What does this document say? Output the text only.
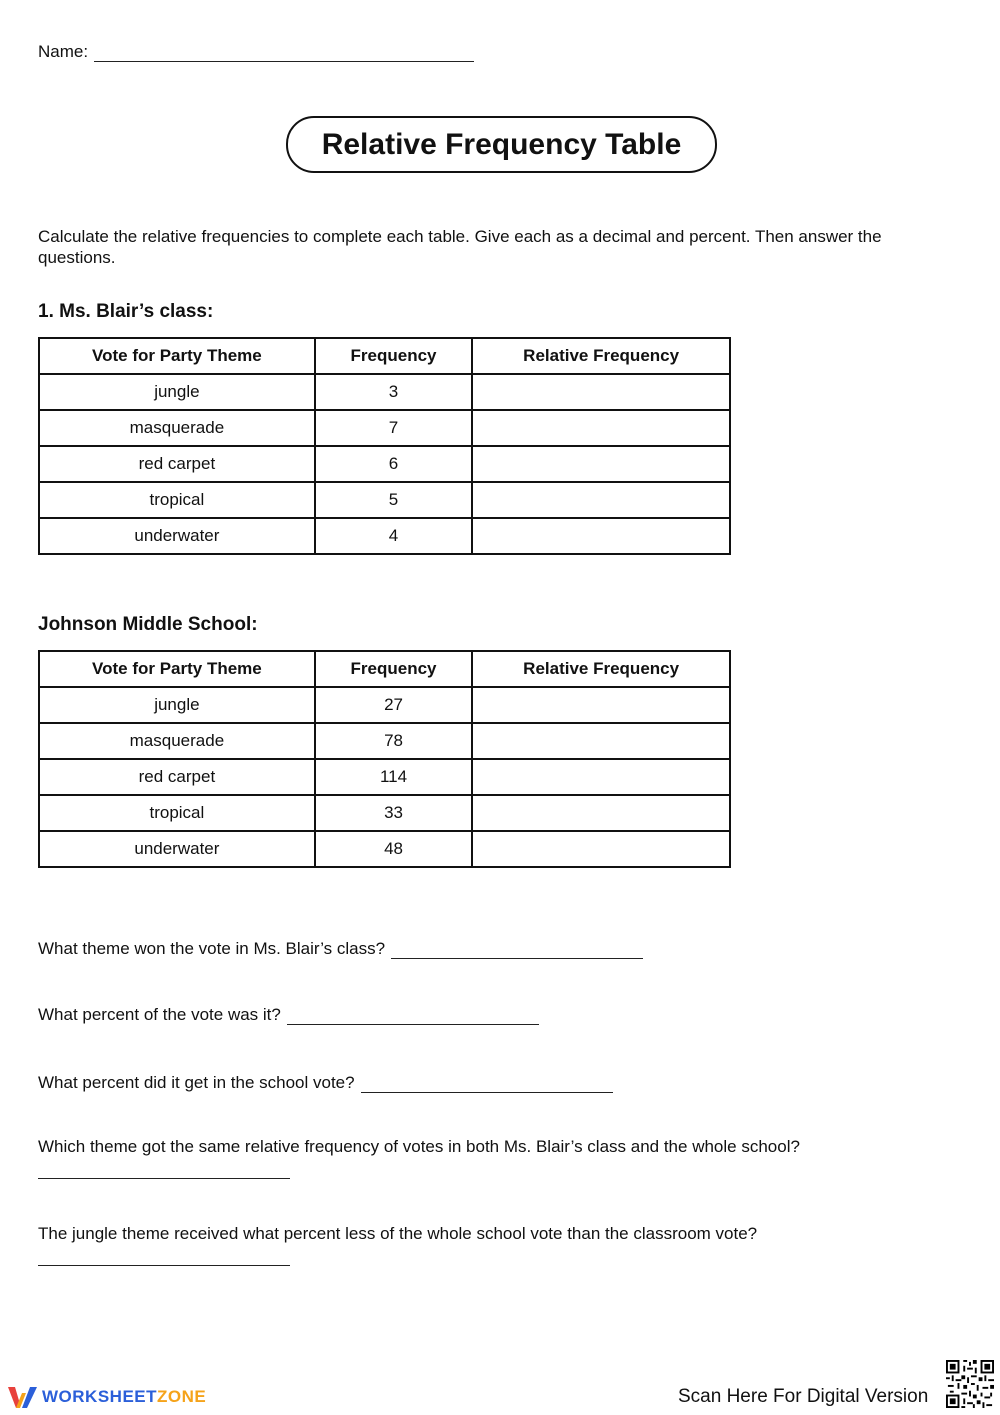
Name:
Relative Frequency Table
Calculate the relative frequencies to complete each table. Give each as a decimal and percent. Then answer the questions.
1. Ms. Blair’s class:
Vote for Party Theme	Frequency	Relative Frequency
jungle	3	
masquerade	7	
red carpet	6	
tropical	5	
underwater	4	
Johnson Middle School:
Vote for Party Theme	Frequency	Relative Frequency
jungle	27	
masquerade	78	
red carpet	114	
tropical	33	
underwater	48	
What theme won the vote in Ms. Blair’s class?
What percent of the vote was it?
What percent did it get in the school vote?
Which theme got the same relative frequency of votes in both Ms. Blair’s class and the whole school?
The jungle theme received what percent less of the whole school vote than the classroom vote?
WORKSHEETZONE	Scan Here For Digital Version
